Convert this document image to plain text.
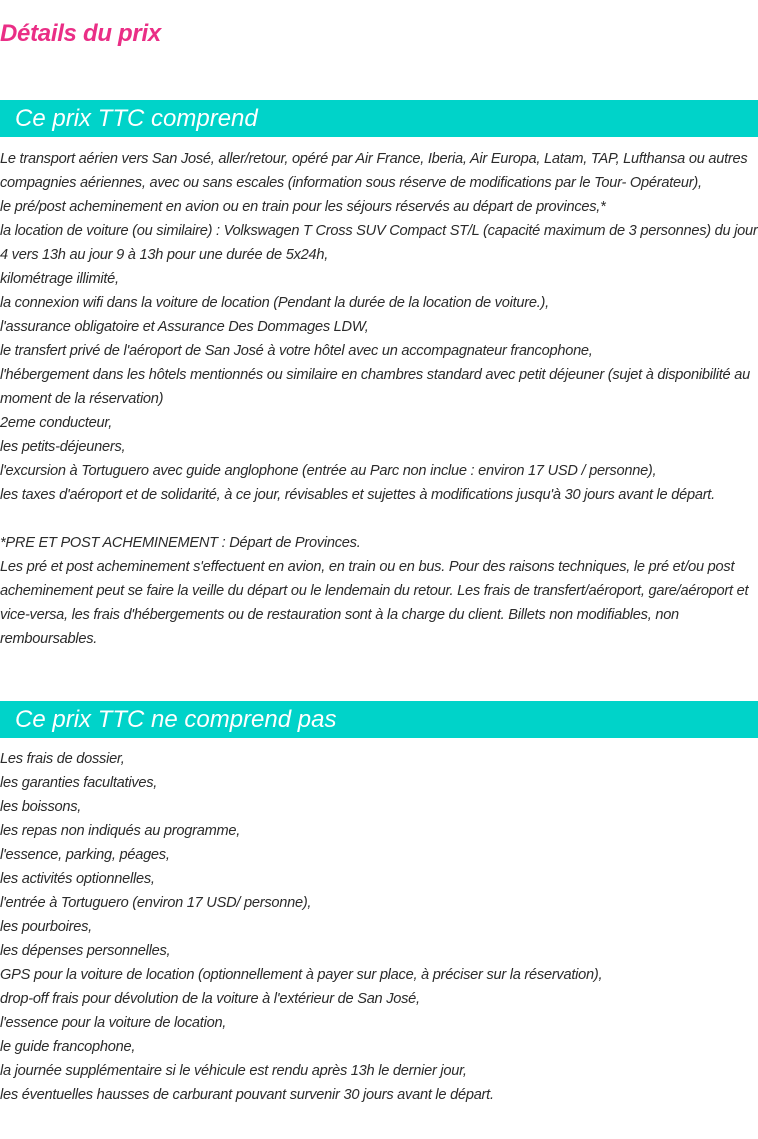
Détails du prix
Ce prix TTC comprend
Le transport aérien vers San José, aller/retour, opéré par Air France, Iberia, Air Europa, Latam, TAP, Lufthansa ou autres compagnies aériennes, avec ou sans escales (information sous réserve de modifications par le Tour- Opérateur),
le pré/post acheminement en avion ou en train pour les séjours réservés au départ de provinces,*
la location de voiture (ou similaire) : Volkswagen T Cross SUV Compact ST/L (capacité maximum de 3 personnes) du jour 4 vers 13h au jour 9 à 13h pour une durée de 5x24h,
kilométrage illimité,
la connexion wifi dans la voiture de location (Pendant la durée de la location de voiture.),
l'assurance obligatoire et Assurance Des Dommages LDW,
le transfert privé de l'aéroport de San José à votre hôtel avec un accompagnateur francophone,
l'hébergement dans les hôtels mentionnés ou similaire en chambres standard avec petit déjeuner (sujet à disponibilité au moment de la réservation)
2eme conducteur,
les petits-déjeuners,
l'excursion à Tortuguero avec guide anglophone (entrée au Parc non inclue : environ 17 USD / personne),
les taxes d'aéroport et de solidarité, à ce jour, révisables et sujettes à modifications jusqu'à 30 jours avant le départ.
*PRE ET POST ACHEMINEMENT : Départ de Provinces.
Les pré et post acheminement s'effectuent en avion, en train ou en bus. Pour des raisons techniques, le pré et/ou post acheminement peut se faire la veille du départ ou le lendemain du retour. Les frais de transfert/aéroport, gare/aéroport et vice-versa, les frais d'hébergements ou de restauration sont à la charge du client. Billets non modifiables, non remboursables.
Ce prix TTC ne comprend pas
Les frais de dossier,
les garanties facultatives,
les boissons,
les repas non indiqués au programme,
l'essence, parking, péages,
les activités optionnelles,
l'entrée à Tortuguero (environ 17 USD/ personne),
les pourboires,
les dépenses personnelles,
GPS pour la voiture de location (optionnellement à payer sur place, à préciser sur la réservation),
drop-off frais pour dévolution de la voiture à l'extérieur de San José,
l'essence pour la voiture de location,
le guide francophone,
la journée supplémentaire si le véhicule est rendu après 13h le dernier jour,
les éventuelles hausses de carburant pouvant survenir 30 jours avant le départ.
